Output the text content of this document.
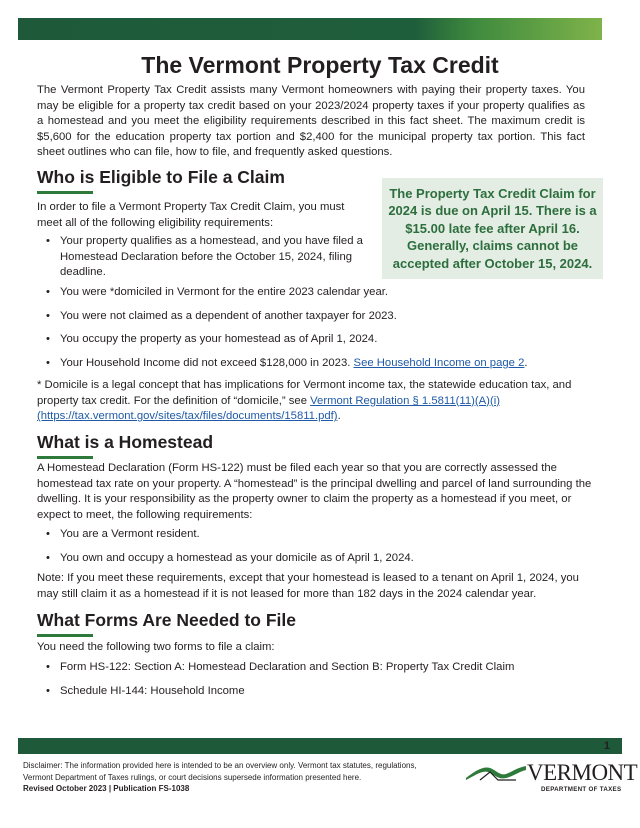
The Vermont Property Tax Credit

The Vermont Property Tax Credit assists many Vermont homeowners with paying their property taxes. You may be eligible for a property tax credit based on your 2023/2024 property taxes if your property qualifies as a homestead and you meet the eligibility requirements described in this fact sheet. The maximum credit is $5,600 for the education property tax portion and $2,400 for the municipal property tax portion. This fact sheet outlines who can file, how to file, and frequently asked questions.

Who is Eligible to File a Claim

In order to file a Vermont Property Tax Credit Claim, you must meet all of the following eligibility requirements:

• Your property qualifies as a homestead, and you have filed a Homestead Declaration before the October 15, 2024, filing deadline.
• You were *domiciled in Vermont for the entire 2023 calendar year.
• You were not claimed as a dependent of another taxpayer for 2023.
• You occupy the property as your homestead as of April 1, 2024.
• Your Household Income did not exceed $128,000 in 2023. See Household Income on page 2.

* Domicile is a legal concept that has implications for Vermont income tax, the statewide education tax, and property tax credit. For the definition of “domicile,” see Vermont Regulation § 1.5811(11)(A)(i) (https://tax.vermont.gov/sites/tax/files/documents/15811.pdf).

The Property Tax Credit Claim for 2024 is due on April 15. There is a $15.00 late fee after April 16. Generally, claims cannot be accepted after October 15, 2024.
What is a Homestead

A Homestead Declaration (Form HS-122) must be filed each year so that you are correctly assessed the homestead tax rate on your property. A “homestead” is the principal dwelling and parcel of land surrounding the dwelling. It is your responsibility as the property owner to claim the property as a homestead if you meet, or expect to meet, the following requirements:

• You are a Vermont resident.
• You own and occupy a homestead as your domicile as of April 1, 2024.

Note: If you meet these requirements, except that your homestead is leased to a tenant on April 1, 2024, you may still claim it as a homestead if it is not leased for more than 182 days in the 2024 calendar year.

What Forms Are Needed to File

You need the following two forms to file a claim:

• Form HS-122: Section A: Homestead Declaration and Section B: Property Tax Credit Claim
• Schedule HI-144: Household Income
1

Disclaimer: The information provided here is intended to be an overview only. Vermont tax statutes, regulations, Vermont Department of Taxes rulings, or court decisions supersede information presented here.
Revised October 2023 | Publication FS-1038

VERMONT
DEPARTMENT OF TAXES
